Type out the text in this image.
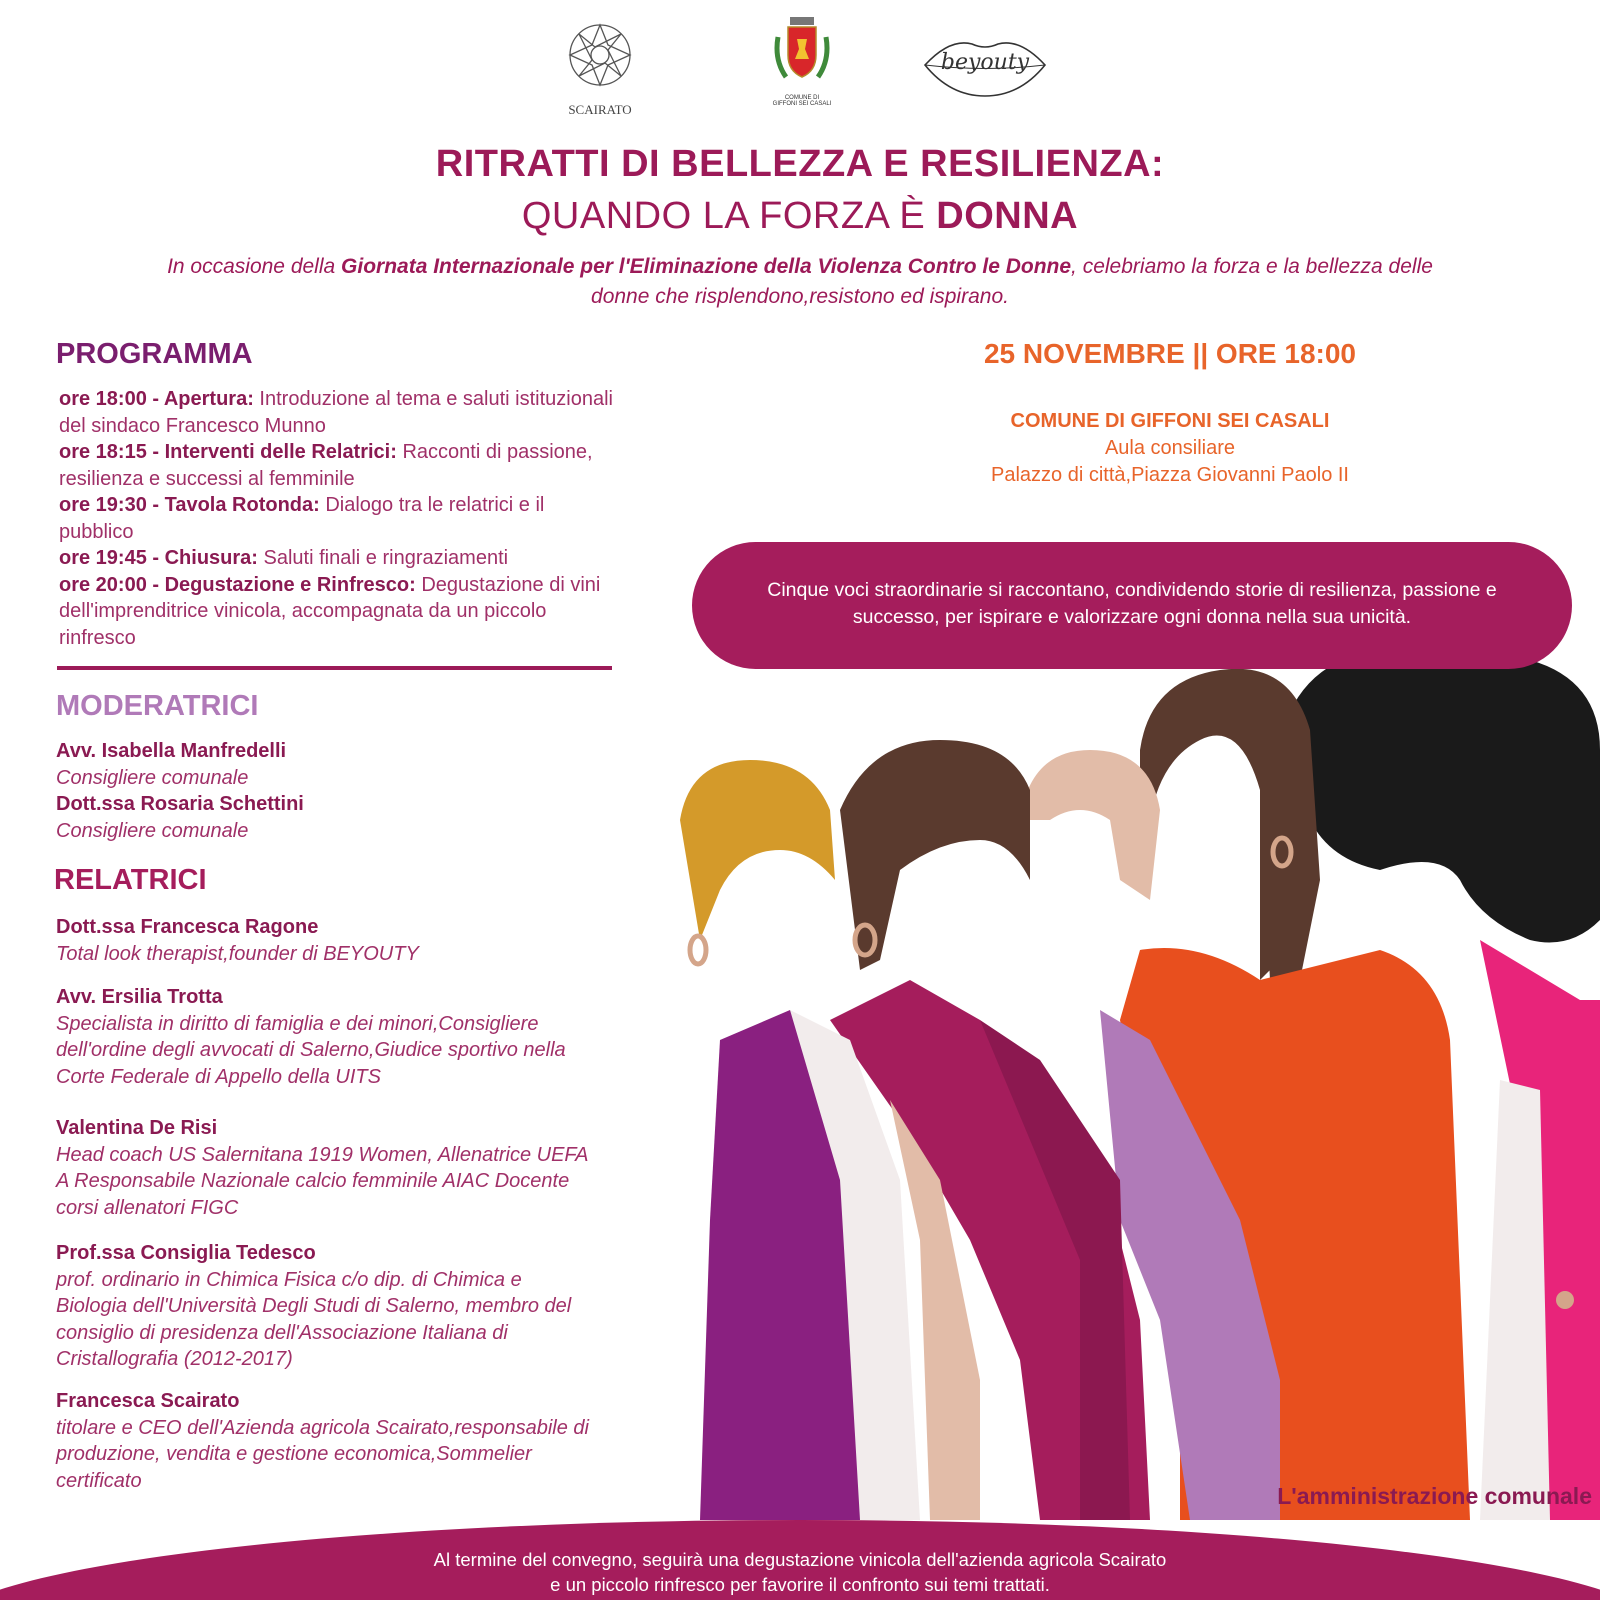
SCAIRATO
COMUNE DI
GIFFONI SEI CASALI
beyouty
RITRATTI DI BELLEZZA E RESILIENZA:
QUANDO LA FORZA È DONNA
In occasione della Giornata Internazionale per l'Eliminazione della Violenza Contro le Donne, celebriamo la forza e la bellezza delle donne che risplendono,resistono ed ispirano.
PROGRAMMA
ore 18:00 - Apertura: Introduzione al tema e saluti istituzionali del sindaco Francesco Munno
ore 18:15 - Interventi delle Relatrici: Racconti di passione, resilienza e successi al femminile
ore 19:30 - Tavola Rotonda: Dialogo tra le relatrici e il pubblico
ore 19:45 - Chiusura: Saluti finali e ringraziamenti
ore 20:00 - Degustazione e Rinfresco: Degustazione di vini dell'imprenditrice vinicola, accompagnata da un piccolo rinfresco
MODERATRICI
Avv. Isabella Manfredelli
Consigliere comunale
Dott.ssa Rosaria Schettini
Consigliere comunale
RELATRICI
Dott.ssa Francesca Ragone
Total look therapist,founder di BEYOUTY
Avv. Ersilia Trotta
Specialista in diritto di famiglia e dei minori,Consigliere dell'ordine degli avvocati di Salerno,Giudice sportivo nella Corte Federale di Appello della UITS
Valentina De Risi
Head coach US Salernitana 1919 Women, Allenatrice UEFA A Responsabile Nazionale calcio femminile AIAC Docente corsi allenatori FIGC
Prof.ssa Consiglia Tedesco
prof. ordinario in Chimica Fisica c/o dip. di Chimica e Biologia dell'Università Degli Studi di Salerno, membro del consiglio di presidenza dell'Associazione Italiana di Cristallografia (2012-2017)
Francesca Scairato
titolare e CEO dell'Azienda agricola Scairato,responsabile di produzione, vendita e gestione economica,Sommelier certificato
25 NOVEMBRE || ORE 18:00
COMUNE DI GIFFONI SEI CASALI
Aula consiliare
Palazzo di città,Piazza Giovanni Paolo II
Cinque voci straordinarie si raccontano, condividendo storie di resilienza, passione e successo, per ispirare e valorizzare ogni donna nella sua unicità.
L'amministrazione comunale
Al termine del convegno, seguirà una degustazione vinicola dell'azienda agricola Scairato
e un piccolo rinfresco per favorire il confronto sui temi trattati.
